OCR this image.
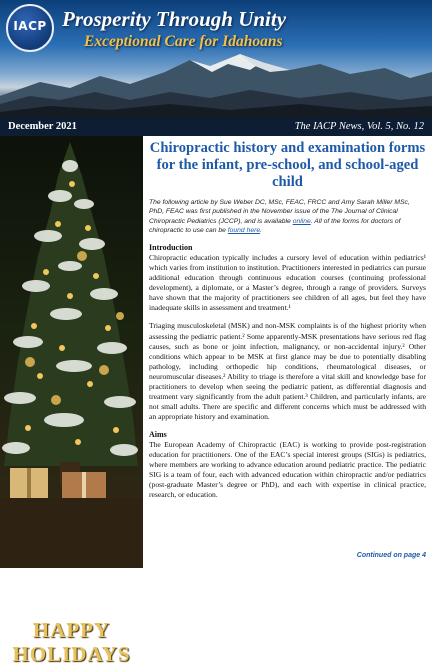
IACP Prosperity Through Unity
Exceptional Care for Idahoans
December 2021	The IACP News, Vol. 5, No. 12
HAPPY
HOLIDAYS
Chiropractic history and examination forms for the infant, pre-school, and school-aged child

The following article by Sue Weber DC, MSc, FEAC, FRCC and Amy Sarah Miller MSc, PhD, FEAC was first published in the November issue of the The Journal of Clinical Chiropractic Pediatrics (JCCP), and is available online. All of the forms for doctors of chiropractic to use can be found here.

Introduction

Chiropractic education typically includes a cursory level of education within pediatrics¹ which varies from institution to institution. Practitioners interested in pediatrics can pursue additional education through continuous education courses (continuing professional development), a diplomate, or a Master’s degree, through a range of providers. Surveys have shown that the majority of practitioners see children of all ages, but feel they have inadequate skills in assessment and treatment.¹

Triaging musculoskeletal (MSK) and non-MSK complaints is of the highest priority when assessing the pediatric patient.² Some apparently-MSK presentations have serious red flag causes, such as bone or joint infection, malignancy, or non-accidental injury.² Other conditions which appear to be MSK at first glance may be due to potentially disabling pathology, including orthopedic hip conditions, rheumatological diseases, or neuromuscular diseases.² Ability to triage is therefore a vital skill and knowledge base for practitioners to develop when seeing the pediatric patient, as differential diagnosis and treatment vary significantly from the adult patient.³ Children, and particularly infants, are not small adults. There are specific and different concerns which must be addressed with an appropriate history and examination.

Aims

The European Academy of Chiropractic (EAC) is working to provide post-registration education for practitioners. One of the EAC’s special interest groups (SIGs) is pediatrics, where members are working to advance education around pediatric practice. The pediatric SIG is a team of four, each with advanced education within chiropractic and/or pediatrics (post-graduate Master’s degree or PhD), and each with expertise in clinical practice, research, or education.

Continued on page 4
